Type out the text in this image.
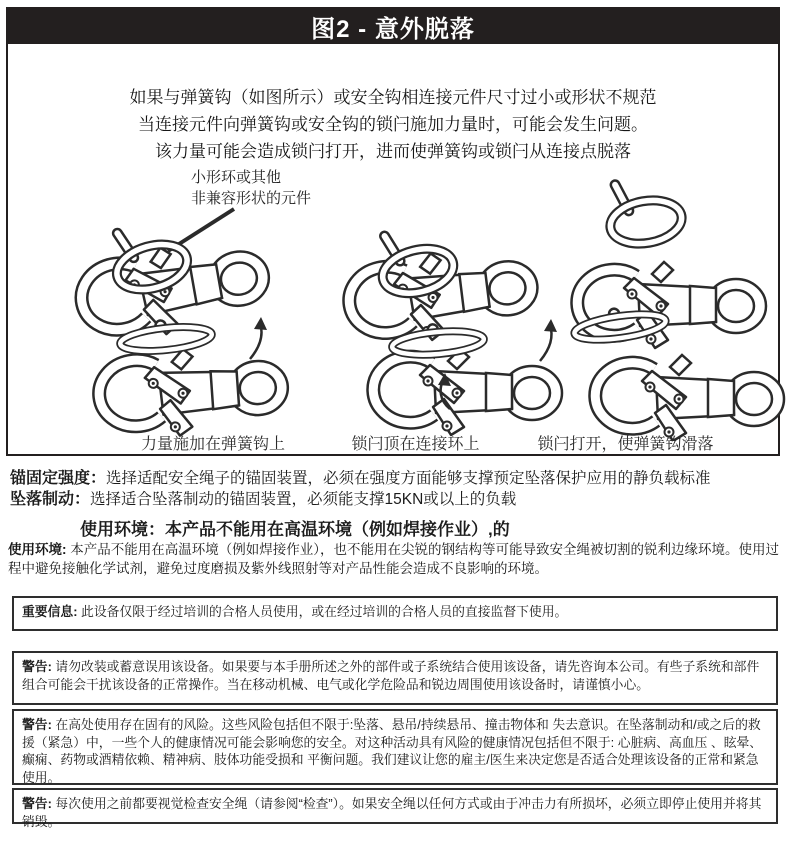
图2 - 意外脱落
如果与弹簧钩（如图所示）或安全钩相连接元件尺寸过小或形状不规范
当连接元件向弹簧钩或安全钩的锁闩施加力量时，可能会发生问题。
该力量可能会造成锁闩打开，进而使弹簧钩或锁闩从连接点脱落
小形环或其他
非兼容形状的元件
力量施加在弹簧钩上	锁闩顶在连接环上	锁闩打开，使弹簧钩滑落
锚固定强度：选择适配安全绳子的锚固装置，必须在强度方面能够支撑预定坠落保护应用的静负载标准
坠落制动：选择适合坠落制动的锚固装置，必须能支撑15KN或以上的负载
使用环境：本产品不能用在高温环境（例如焊接作业）,的
使用环境: 本产品不能用在高温环境（例如焊接作业），也不能用在尖锐的钢结构等可能导致安全绳被切割的锐利边缘环境。使用过程中避免接触化学试剂，避免过度磨损及紫外线照射等对产品性能会造成不良影响的环境。
重要信息: 此设备仅限于经过培训的合格人员使用，或在经过培训的合格人员的直接监督下使用。
警告: 请勿改装或蓄意误用该设备。如果要与本手册所述之外的部件或子系统结合使用该设备，请先咨询本公司。有些子系统和部件组合可能会干扰该设备的正常操作。当在移动机械、电气或化学危险品和锐边周围使用该设备时，请谨慎小心。
警告: 在高处使用存在固有的风险。这些风险包括但不限于:坠落、悬吊/持续悬吊、撞击物体和 失去意识。在坠落制动和/或之后的救援（紧急）中，一些个人的健康情况可能会影响您的安全。对这种活动具有风险的健康情况包括但不限于: 心脏病、高血压 、眩晕、癫痫、药物或酒精依赖、精神病、肢体功能受损和 平衡问题。我们建议让您的雇主/医生来决定您是否适合处理该设备的正常和紧急使用。
警告: 每次使用之前都要视觉检查安全绳（请参阅“检查”）。如果安全绳以任何方式或由于冲击力有所损坏，必须立即停止使用并将其 销毁。
